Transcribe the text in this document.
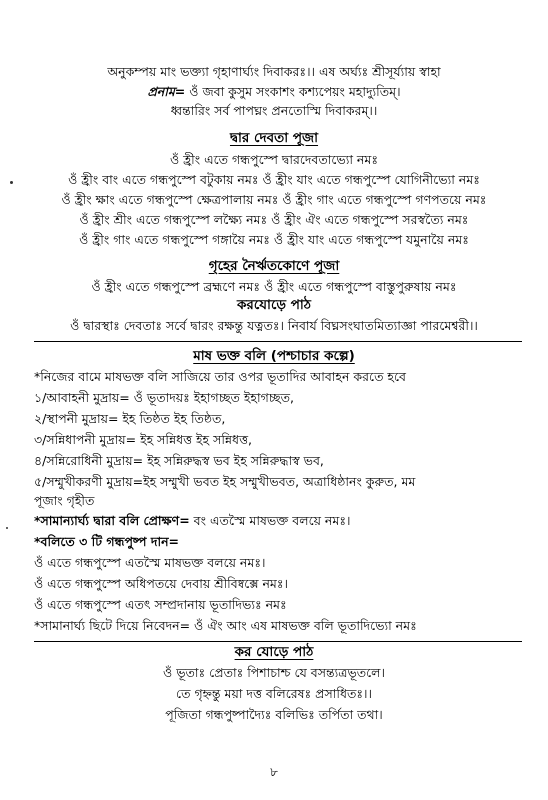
অনুকম্পয় মাং ভক্ত্যা গৃহাণার্ঘ্যং দিবাকরঃ।। এষ অর্ঘ্যঃ শ্রীসূর্য্যায় স্বাহা
প্রনাম= ওঁ জবা কুসুম সংকাশং কশ্যপেয়ং মহাদ্যুতিম্।
ধ্বন্তারিং সর্ব পাপঘ্নং প্রনতোস্মি দিবাকরম্।।
দ্বার দেবতা পূজা
ওঁ হ্রীং এতে গন্ধপুস্পে দ্বারদেবতাভ্যো নমঃ
ওঁ হ্রীং বাং এতে গন্ধপুস্পে বটুকায় নমঃ ওঁ হ্রীং যাং এতে গন্ধপুস্পে যোগিনীভ্যো নমঃ
ওঁ হ্রীং ক্ষাং এতে গন্ধপুস্পে ক্ষেত্রপালায় নমঃ ওঁ হ্রীং গাং এতে গন্ধপুস্পে গণপতয়ে নমঃ
ওঁ হ্রীং শ্রীং এতে গন্ধপুস্পে লক্ষ্যৈ নমঃ ওঁ হ্রীং ঐং এতে গন্ধপুস্পে সরস্বত্যৈ নমঃ
ওঁ হ্রীং গাং এতে গন্ধপুস্পে গঙ্গায়ৈ নমঃ ওঁ হ্রীং যাং এতে গন্ধপুস্পে যমুনায়ৈ নমঃ
গৃহের নৈর্ঋতকোণে পূজা
ওঁ হ্রীং এতে গন্ধপুস্পে ব্রহ্মণে নমঃ ওঁ হ্রীং এতে গন্ধপুস্পে বাস্তুপুরুষায় নমঃ
করযোড়ে পাঠ
ওঁ দ্বারস্থাঃ দেবতাঃ সর্বে দ্বারং রক্ষন্তু যত্নতঃ। নিবার্য বিঘ্নসংঘাতমিত্যাজ্ঞা পারমেশ্বরী।।
মাষ ভক্ত বলি (পশ্চাচার কল্পে)
*নিজের বামে মাষভক্ত বলি সাজিয়ে তার ওপর ভূতাদির আবাহন করতে হবে
১/আবাহনী মুদ্রায়= ওঁ ভূতাদয়ঃ ইহাগচ্ছত ইহাগচ্ছত,
২/স্থাপনী মুদ্রায়= ইহ তিষ্ঠত ইহ তিষ্ঠত,
৩/সন্নিধাপনী মুদ্রায়= ইহ সন্নিধত্ত ইহ সন্নিধত্ত,
৪/সন্নিরোধিনী মুদ্রায়= ইহ সন্নিরুদ্ধস্ব ভব ইহ সন্নিরুদ্ধাস্ব ভব,
৫/সম্মুখীকরণী মুদ্রায়=ইহ সম্মুখী ভবত ইহ সম্মুখীভবত, অত্রাধিষ্ঠানং কুরুত, মম
পূজাং গৃহীত
*সামান্যার্ঘ্য দ্বারা বলি প্রোক্ষণ= বং এতস্মৈ মাষভক্ত বলয়ে নমঃ।
*বলিতে ৩ টি গন্ধপুষ্প দান=
ওঁ এতে গন্ধপুস্পে এতস্মৈ মাষভক্ত বলয়ে নমঃ।
ওঁ এতে গন্ধপুস্পে অধিপতয়ে দেবায় শ্রীবিষ্বক্সে নমঃ।
ওঁ এতে গন্ধপুস্পে এতৎ সম্প্রদানায় ভূতাদিভ্যঃ নমঃ
*সামানার্ঘ্য ছিটে দিয়ে নিবেদন= ওঁ ঐং আং এষ মাষভক্ত বলি ভূতাদিভ্যো নমঃ
কর যোড়ে পাঠ
ওঁ ভূতাঃ প্রেতাঃ পিশাচাশ্চ যে বসন্ত্যত্রভূতলে।
তে গৃহ্নন্তু ময়া দত্ত বলিরেষঃ প্রসাধিতঃ।।
পূজিতা গন্ধপুষ্পাদ্যৈঃ বলিভিঃ তর্পিতা তথা।
৮
